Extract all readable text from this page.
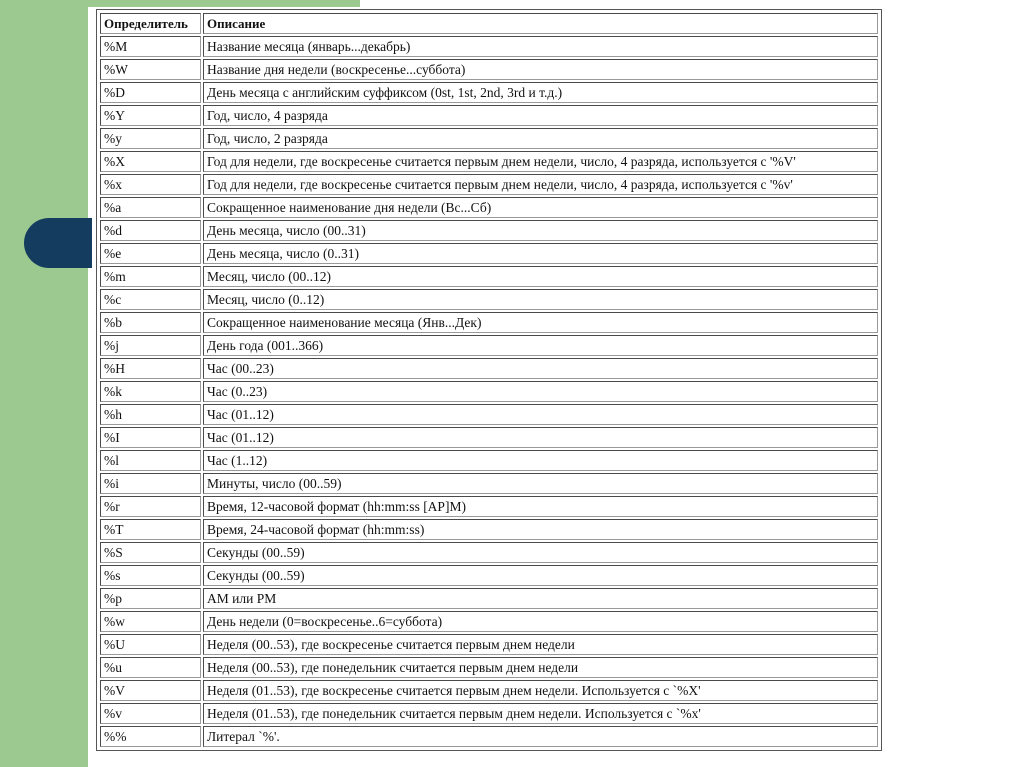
Определитель	Описание
%M	Название месяца (январь...декабрь)
%W	Название дня недели (воскресенье...суббота)
%D	День месяца с английским суффиксом (0st, 1st, 2nd, 3rd и т.д.)
%Y	Год, число, 4 разряда
%y	Год, число, 2 разряда
%X	Год для недели, где воскресенье считается первым днем недели, число, 4 разряда, используется с '%V'
%x	Год для недели, где воскресенье считается первым днем недели, число, 4 разряда, используется с '%v'
%a	Сокращенное наименование дня недели (Вс...Сб)
%d	День месяца, число (00..31)
%e	День месяца, число (0..31)
%m	Месяц, число (00..12)
%c	Месяц, число (0..12)
%b	Сокращенное наименование месяца (Янв...Дек)
%j	День года (001..366)
%H	Час (00..23)
%k	Час (0..23)
%h	Час (01..12)
%I	Час (01..12)
%l	Час (1..12)
%i	Минуты, число (00..59)
%r	Время, 12-часовой формат (hh:mm:ss [AP]M)
%T	Время, 24-часовой формат (hh:mm:ss)
%S	Секунды (00..59)
%s	Секунды (00..59)
%p	AM или PM
%w	День недели (0=воскресенье..6=суббота)
%U	Неделя (00..53), где воскресенье считается первым днем недели
%u	Неделя (00..53), где понедельник считается первым днем недели
%V	Неделя (01..53), где воскресенье считается первым днем недели. Используется с `%X'
%v	Неделя (01..53), где понедельник считается первым днем недели. Используется с `%x'
%%	Литерал `%'.
